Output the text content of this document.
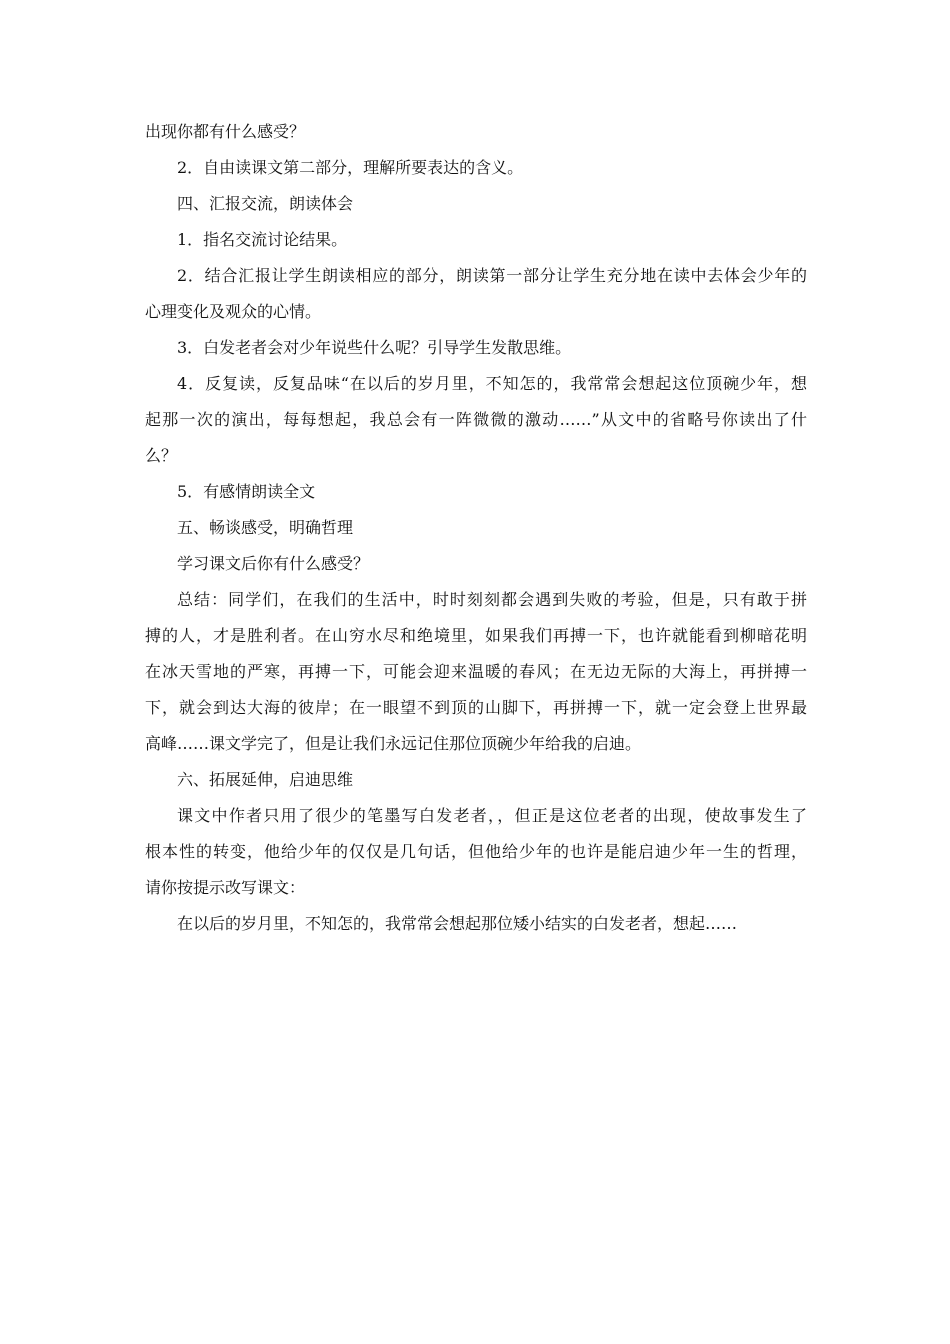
出现你都有什么感受？

2．自由读课文第二部分，理解所要表达的含义。

四、汇报交流，朗读体会

1．指名交流讨论结果。

2．结合汇报让学生朗读相应的部分，朗读第一部分让学生充分地在读中去体会少年的

心理变化及观众的心情。

3．白发老者会对少年说些什么呢？引导学生发散思维。

4．反复读，反复品味“在以后的岁月里，不知怎的，我常常会想起这位顶碗少年，想

起那一次的演出，每每想起，我总会有一阵微微的激动……”从文中的省略号你读出了什

么？

5．有感情朗读全文

五、畅谈感受，明确哲理

学习课文后你有什么感受？

总结：同学们，在我们的生活中，时时刻刻都会遇到失败的考验，但是，只有敢于拼

搏的人，才是胜利者。在山穷水尽和绝境里，如果我们再搏一下，也许就能看到柳暗花明

在冰天雪地的严寒，再搏一下，可能会迎来温暖的春风；在无边无际的大海上，再拼搏一

下，就会到达大海的彼岸；在一眼望不到顶的山脚下，再拼搏一下，就一定会登上世界最

高峰……课文学完了，但是让我们永远记住那位顶碗少年给我的启迪。

六、拓展延伸，启迪思维

课文中作者只用了很少的笔墨写白发老者，，但正是这位老者的出现，使故事发生了

根本性的转变，他给少年的仅仅是几句话，但他给少年的也许是能启迪少年一生的哲理，

请你按提示改写课文：

在以后的岁月里，不知怎的，我常常会想起那位矮小结实的白发老者，想起……
